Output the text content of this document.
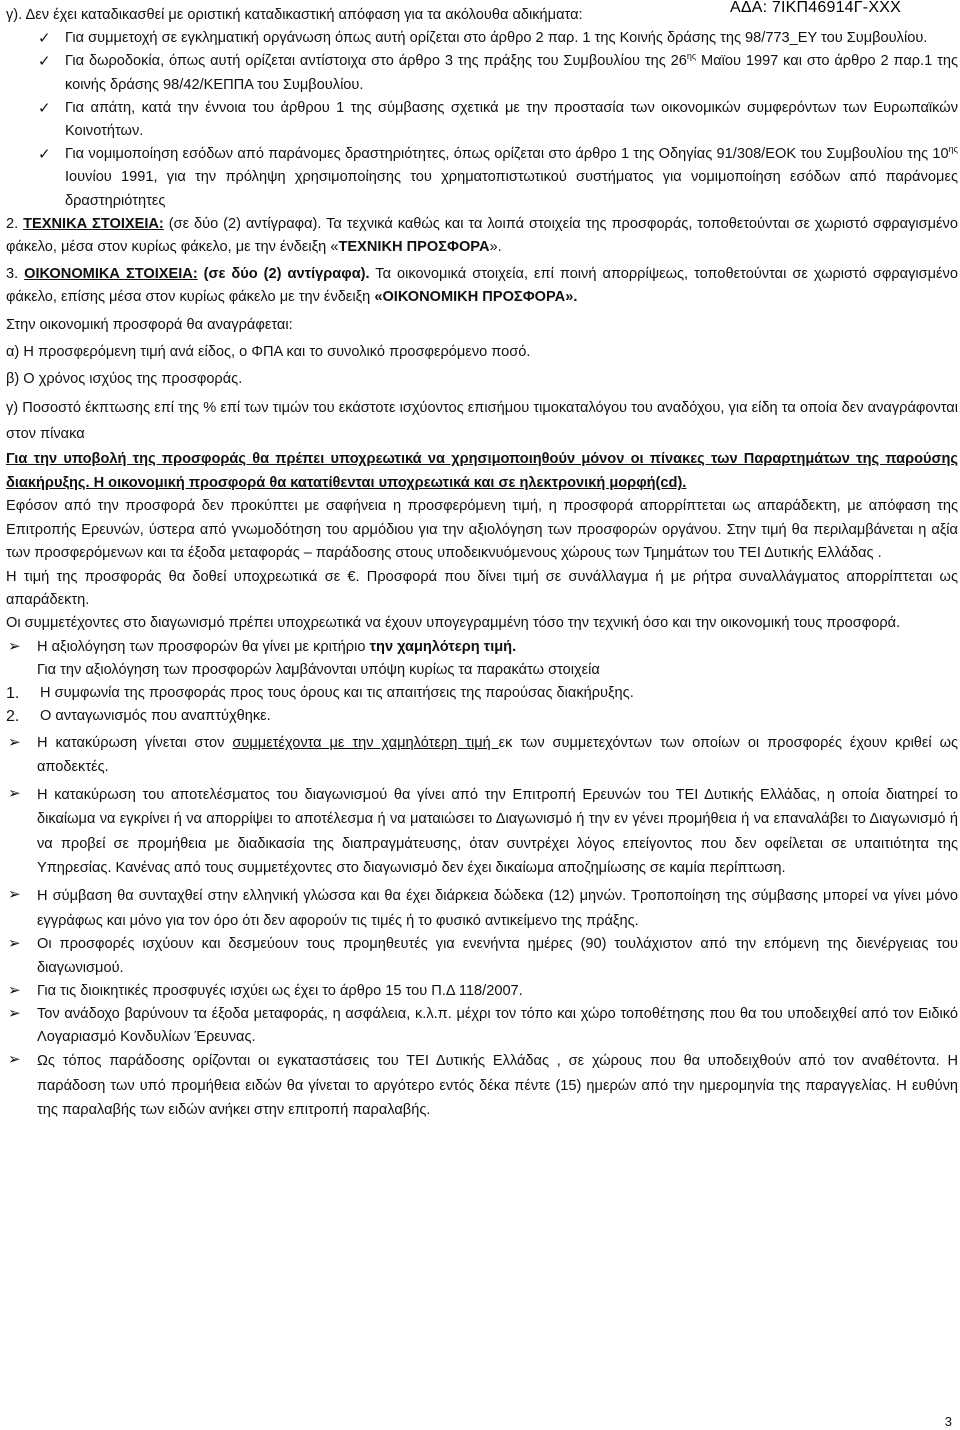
ΑΔΑ: 7ΙΚΠ46914Γ-ΧΧΧ

γ). Δεν έχει καταδικασθεί με οριστική καταδικαστική απόφαση για τα ακόλουθα αδικήματα:

✓ Για συμμετοχή σε εγκληματική οργάνωση όπως αυτή ορίζεται στο άρθρο 2 παρ. 1 της Κοινής δράσης της 98/773_ΕΥ του Συμβουλίου.

✓ Για δωροδοκία, όπως αυτή ορίζεται αντίστοιχα στο άρθρο 3 της πράξης του Συμβουλίου της $26^{\eta\varsigma}$ Μαϊου 1997 και στο άρθρο 2 παρ.1 της κοινής δράσης 98/42/ΚΕΠΠΑ του Συμβουλίου.

✓ Για απάτη, κατά την έννοια του άρθρου 1 της σύμβασης σχετικά με την προστασία των οικονομικών συμφερόντων των Ευρωπαϊκών Κοινοτήτων.

✓ Για νομιμοποίηση εσόδων από παράνομες δραστηριότητες, όπως ορίζεται στο άρθρο 1 της Οδηγίας 91/308/ΕΟΚ του Συμβουλίου της $10^{\eta\varsigma}$ Ιουνίου 1991, για την πρόληψη χρησιμοποίησης του χρηματοπιστωτικού συστήματος για νομιμοποίηση εσόδων από παράνομες δραστηριότητες

2. ΤΕΧΝΙΚΑ ΣΤΟΙΧΕΙΑ: (σε δύο (2) αντίγραφα). Τα τεχνικά καθώς και τα λοιπά στοιχεία της προσφοράς, τοποθετούνται σε χωριστό σφραγισμένο φάκελο, μέσα στον κυρίως φάκελο, με την ένδειξη «ΤΕΧΝΙΚΗ ΠΡΟΣΦΟΡΑ».

3. ΟΙΚΟΝΟΜΙΚΑ ΣΤΟΙΧΕΙΑ: (σε δύο (2) αντίγραφα). Τα οικονομικά στοιχεία, επί ποινή απορρίψεως, τοποθετούνται σε χωριστό σφραγισμένο φάκελο, επίσης μέσα στον κυρίως φάκελο με την ένδειξη «ΟΙΚΟΝΟΜΙΚΗ ΠΡΟΣΦΟΡΑ».

Στην οικονομική προσφορά θα αναγράφεται:

α) Η προσφερόμενη τιμή ανά είδος, ο ΦΠΑ και το συνολικό προσφερόμενο ποσό.

β) Ο χρόνος ισχύος της προσφοράς.

γ) Ποσοστό έκπτωσης επί της % επί των τιμών του εκάστοτε ισχύοντος επισήμου τιμοκαταλόγου του αναδόχου, για είδη τα οποία δεν αναγράφονται στον πίνακα

Για την υποβολή της προσφοράς θα πρέπει υποχρεωτικά να χρησιμοποιηθούν μόνον οι πίνακες των Παραρτημάτων της παρούσης διακήρυξης. Η οικονομική προσφορά θα κατατίθενται υποχρεωτικά και σε ηλεκτρονική μορφή(cd).

Εφόσον από την προσφορά δεν προκύπτει με σαφήνεια η προσφερόμενη τιμή, η προσφορά απορρίπτεται ως απαράδεκτη, με απόφαση της Επιτροπής Ερευνών, ύστερα από γνωμοδότηση του αρμόδιου για την αξιολόγηση των προσφορών οργάνου. Στην τιμή θα περιλαμβάνεται η αξία των προσφερόμενων και τα έξοδα μεταφοράς – παράδοσης στους υποδεικνυόμενους χώρους των Τμημάτων του ΤΕΙ Δυτικής Ελλάδας .

Η τιμή της προσφοράς θα δοθεί υποχρεωτικά σε €. Προσφορά που δίνει τιμή σε συνάλλαγμα ή με ρήτρα συναλλάγματος απορρίπτεται ως απαράδεκτη.

Οι συμμετέχοντες στο διαγωνισμό πρέπει υποχρεωτικά να έχουν υπογεγραμμένη τόσο την τεχνική όσο και την οικονομική τους προσφορά.

➢ Η αξιολόγηση των προσφορών θα γίνει με κριτήριο την χαμηλότερη τιμή.

Για την αξιολόγηση των προσφορών λαμβάνονται υπόψη κυρίως τα παρακάτω στοιχεία

1. Η συμφωνία της προσφοράς προς τους όρους και τις απαιτήσεις της παρούσας διακήρυξης.

2. Ο ανταγωνισμός που αναπτύχθηκε.

➢ Η κατακύρωση γίνεται στον συμμετέχοντα με την χαμηλότερη τιμή εκ των συμμετεχόντων των οποίων οι προσφορές έχουν κριθεί ως αποδεκτές.

➢ Η κατακύρωση του αποτελέσματος του διαγωνισμού θα γίνει από την Επιτροπή Ερευνών του ΤΕΙ Δυτικής Ελλάδας, η οποία διατηρεί το δικαίωμα να εγκρίνει ή να απορρίψει το αποτέλεσμα ή να ματαιώσει το Διαγωνισμό ή την εν γένει προμήθεια ή να επαναλάβει το Διαγωνισμό ή να προβεί σε προμήθεια με διαδικασία της διαπραγμάτευσης, όταν συντρέχει λόγος επείγοντος που δεν οφείλεται σε υπαιτιότητα της Υπηρεσίας. Κανένας από τους συμμετέχοντες στο διαγωνισμό δεν έχει δικαίωμα αποζημίωσης σε καμία περίπτωση.

➢ Η σύμβαση θα συνταχθεί στην ελληνική γλώσσα και θα έχει διάρκεια δώδεκα (12) μηνών. Τροποποίηση της σύμβασης μπορεί να γίνει μόνο εγγράφως και μόνο για τον όρο ότι δεν αφορούν τις τιμές ή το φυσικό αντικείμενο της πράξης.

➢ Οι προσφορές ισχύουν και δεσμεύουν τους προμηθευτές για ενενήντα ημέρες (90) τουλάχιστον από την επόμενη της διενέργειας του διαγωνισμού.

➢ Για τις διοικητικές προσφυγές ισχύει ως έχει το άρθρο 15 του Π.Δ 118/2007.

➢ Τον ανάδοχο βαρύνουν τα έξοδα μεταφοράς, η ασφάλεια, κ.λ.π. μέχρι τον τόπο και χώρο τοποθέτησης που θα του υποδειχθεί από τον Ειδικό Λογαριασμό Κονδυλίων Έρευνας.

➢ Ως τόπος παράδοσης ορίζονται οι εγκαταστάσεις του ΤΕΙ Δυτικής Ελλάδας , σε χώρους που θα υποδειχθούν από τον αναθέτοντα. Η παράδοση των υπό προμήθεια ειδών θα γίνεται το αργότερο εντός δέκα πέντε (15) ημερών από την ημερομηνία της παραγγελίας. Η ευθύνη της παραλαβής των ειδών ανήκει στην επιτροπή παραλαβής.

3
